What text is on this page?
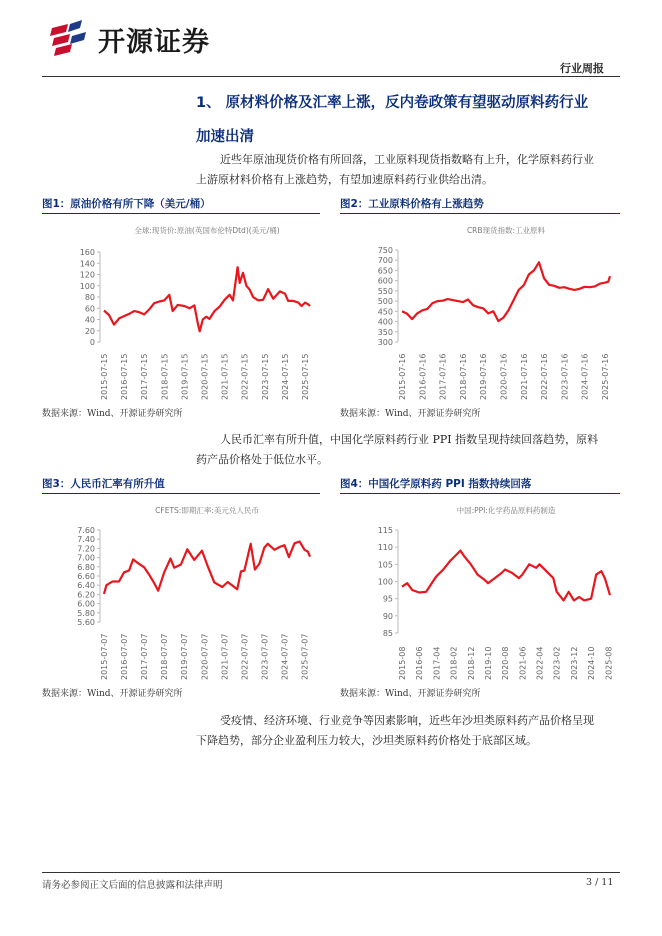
开源证券
行业周报
1、 原材料价格及汇率上涨，反内卷政策有望驱动原料药行业
加速出清
近些年原油现货价格有所回落，工业原料现货指数略有上升，化学原料药行业
上游原材料价格有上涨趋势，有望加速原料药行业供给出清。
图1：原油价格有所下降（美元/桶）
全球:现货价:原油(英国布伦特Dtd)(美元/桶)
0
20
40
60
80
100
120
140
160
2015-07-15 2016-07-15 2017-07-15 2018-07-15 2019-07-15 2020-07-15 2021-07-15 2022-07-15 2023-07-15 2024-07-15 2025-07-15
数据来源：Wind、开源证券研究所
图2：工业原料价格有上涨趋势
CRB现货指数:工业原料
300
350
400
450
500
550
600
650
700
750
2015-07-16 2016-07-16 2017-07-16 2018-07-16 2019-07-16 2020-07-16 2021-07-16 2022-07-16 2023-07-16 2024-07-16 2025-07-16
数据来源：Wind、开源证券研究所
人民币汇率有所升值，中国化学原料药行业 PPI 指数呈现持续回落趋势，原料
药产品价格处于低位水平。
图3：人民币汇率有所升值
CFETS:即期汇率:美元兑人民币
5.60
5.80
6.00
6.20
6.40
6.60
6.80
7.00
7.20
7.40
7.60
2015-07-07 2016-07-07 2017-07-07 2018-07-07 2019-07-07 2020-07-07 2021-07-07 2022-07-07 2023-07-07 2024-07-07 2025-07-07
数据来源：Wind、开源证券研究所
图4：中国化学原料药 PPI 指数持续回落
中国:PPI:化学药品原料药制造
85
90
95
100
105
110
115
2015-08 2016-06 2017-04 2018-02 2018-12 2019-10 2020-08 2021-06 2022-04 2023-02 2023-12 2024-10 2025-08
数据来源：Wind、开源证券研究所
受疫情、经济环境、行业竞争等因素影响，近些年沙坦类原料药产品价格呈现
下降趋势，部分企业盈利压力较大，沙坦类原料药价格处于底部区域。
请务必参阅正文后面的信息披露和法律声明	3 / 11
